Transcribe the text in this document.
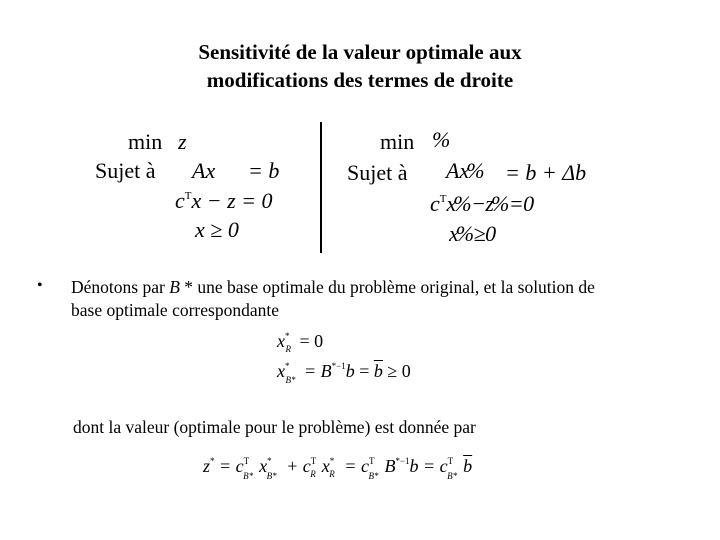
Sensitivité de la valeur optimale aux
modifications des termes de droite
min z
Sujet à Ax = b
$c^Tx - z = 0$
x ≥ 0
min %
Sujet à Ax% = b + Δb
$c^Tx\% - z\% = 0$
x% ≥ 0
• Dénotons par B * une base optimale du problème original, et la solution de
base optimale correspondante
$x^*_R = 0$
$x^*_{B*} = B^{*-1}b = \overline{b} \ge 0$
dont la valeur (optimale pour le problème) est donnée par
$z^* = c^T_{B*}$ $x^*_{B*} + c^T_R$ $x^*_R = c^T_{B*}$ $B^{*-1}b = c^T_{B*}$ $\overline{b}$
